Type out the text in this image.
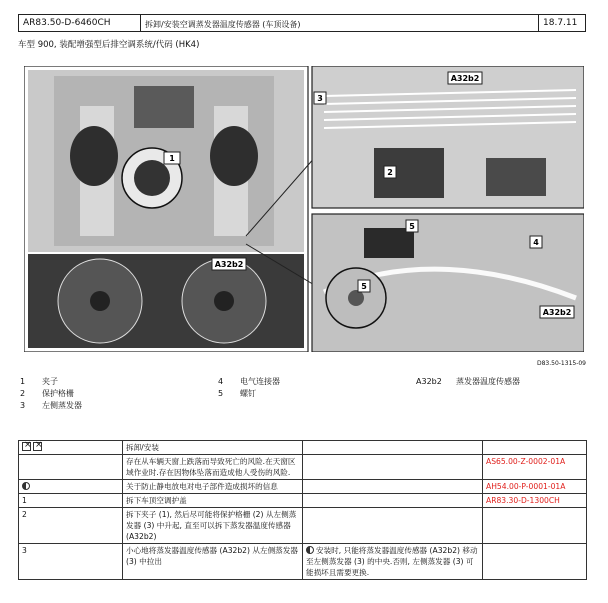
AR83.50-D-6460CH	拆卸/安装空调蒸发器温度传感器 (车顶设备)	18.7.11
车型 900, 装配增强型后排空调系统/代码 (HK4)
1
A32b2
A32b2
3
2
5
4
5
A32b2
D83.50-1315-09
1 夹子
2 保护格栅
3 左侧蒸发器
4 电气连接器
5 螺钉
A32b2 蒸发器温度传感器
××	拆卸/安装		
	存在从车辆天窗上跌落而导致死亡的风险.在天窗区域作业时.存在因物体坠落而造成他人受伤的风险.		AS65.00-Z-0002-01A
	关于防止静电放电对电子部件造成损坏的信息		AH54.00-P-0001-01A
1	拆下车顶空调护盖		AR83.30-D-1300CH
2	拆下夹子 (1), 然后尽可能将保护格栅 (2) 从左侧蒸发器 (3) 中升起, 直至可以拆下蒸发器温度传感器 (A32b2)		
3	小心地将蒸发器温度传感器 (A32b2) 从左侧蒸发器 (3) 中拉出	安装时, 只能将蒸发器温度传感器 (A32b2) 移动至左侧蒸发器 (3) 的中央.否则, 左侧蒸发器 (3) 可能损坏且需要更换.	
